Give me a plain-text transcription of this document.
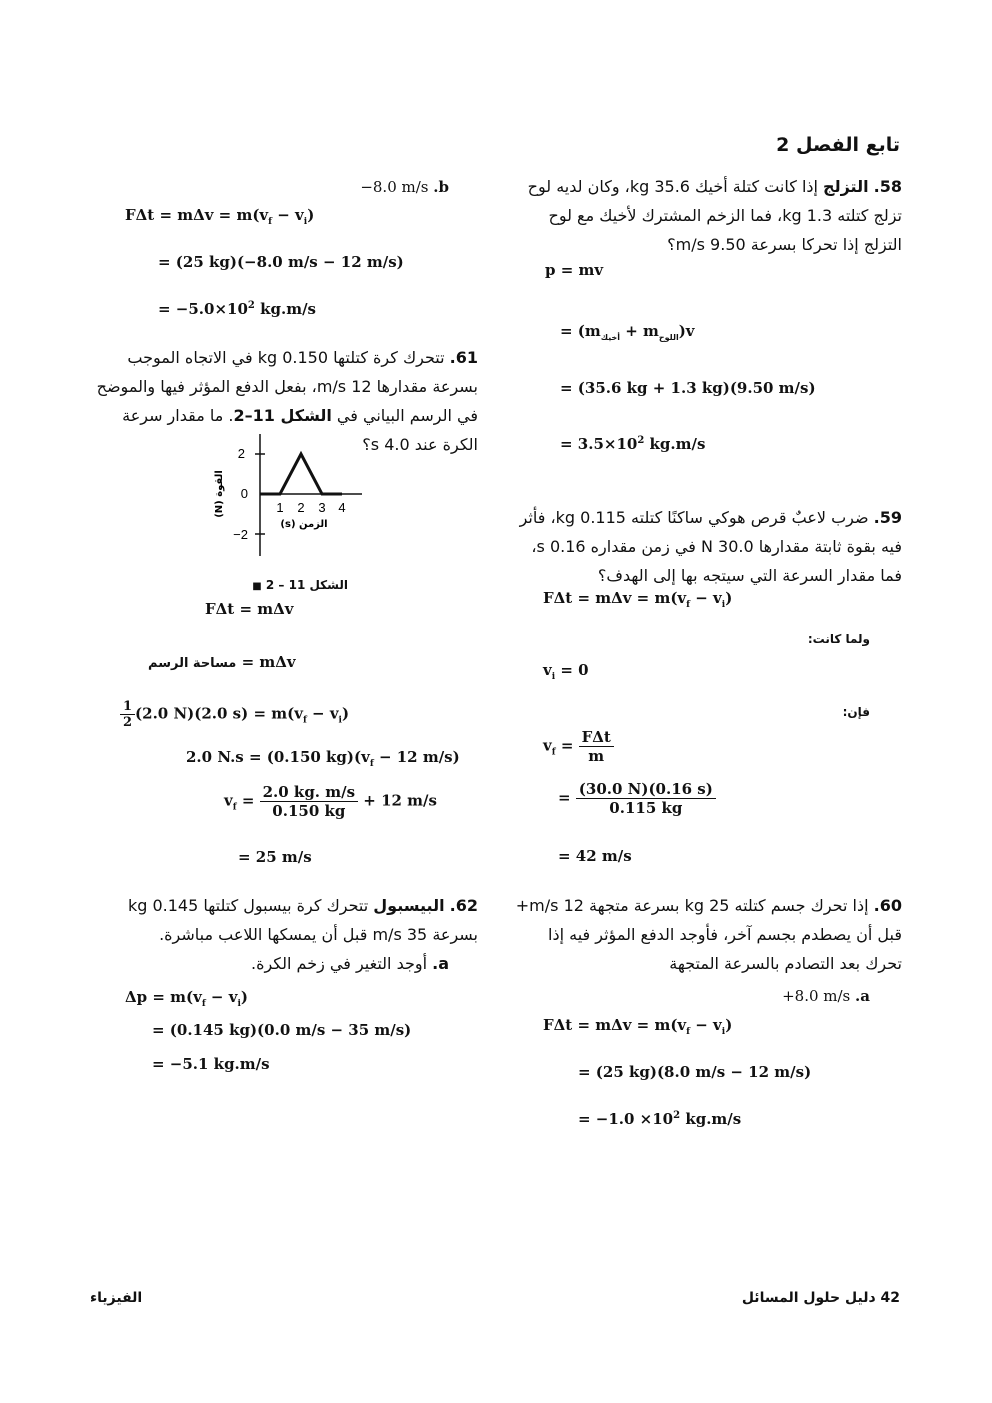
تابع الفصل 2
58. التزلج إذا كانت كتلة أخيك 35.6 kg، وكان لديه لوح تزلج كتلته 1.3 kg، فما الزخم المشترك لأخيك مع لوح التزلج إذا تحركا بسرعة 9.50 m/s؟
p = mv
= $(m_{أخيك} + m_{اللوح})v$
= (35.6 kg + 1.3 kg)(9.50 m/s)
= $3.5\times 10^2$ kg.m/s
59. ضرب لاعبٌ قرص هوكي ساكنًا كتلته 0.115 kg، فأثر فيه بقوة ثابتة مقدارها 30.0 N في زمن مقداره 0.16 s، فما مقدار السرعة التي سيتجه بها إلى الهدف؟
$F\Delta t = m\Delta v = m(v_f - v_i)$
ولما كانت:
$v_i = 0$
فإن:
$v_f = \frac{\text{FΔt}}{m}$
= $\frac{(30.0 N)(0.16 s)}{0.115 kg}$
= 42 m/s
60. إذا تحرك جسم كتلته 25 kg بسرعة متجهة 12 m/s+ قبل أن يصطدم بجسم آخر، فأوجد الدفع المؤثر فيه إذا تحرك بعد التصادم بالسرعة المتجهة
a. +8.0 m/s
$F\Delta t = m\Delta v = m(v_f - v_i)$
= (25 kg)(8.0 m/s − 12 m/s)
= $-1.0 \times 10^2$ kg.m/s
b. −8.0 m/s
$F\Delta t = m\Delta v = m(v_f - v_i)$
= (25 kg)(−8.0 m/s − 12 m/s)
= $-5.0\times 10^2$ kg.m/s
61. تتحرك كرة كتلتها 0.150 kg في الاتجاه الموجب بسرعة مقدارها 12 m/s، بفعل الدفع المؤثر فيها والموضح في الرسم البياني في الشكل 11–2. ما مقدار سرعة الكرة عند 4.0 s؟
2
0
−2
1 2 3 4
الزمن (s)
القوة (N)
الشكل 11 – 2 ■
FΔt = mΔv
مساحة الرسم = mΔv
$\frac{1}{2} (2.0$ N)(2.0 $s) = m(v_f - v_i)$
2.0 N.s = (0.150 $kg)(v_f - 12$ m/s)
$v_f = \frac{2.0 kg. m/s}{0.150 kg} + 12$ m/s
= 25 m/s
62. البيسبول تتحرك كرة بيسبول كتلتها 0.145 kg بسرعة 35 m/s قبل أن يمسكها اللاعب مباشرة.
a. أوجد التغير في زخم الكرة.
$\Delta p = m(v_f - v_i)$
= (0.145 kg)(0.0 m/s − 35 m/s)
= −5.1 kg.m/s
الفيزياء	42 دليل حلول المسائل
